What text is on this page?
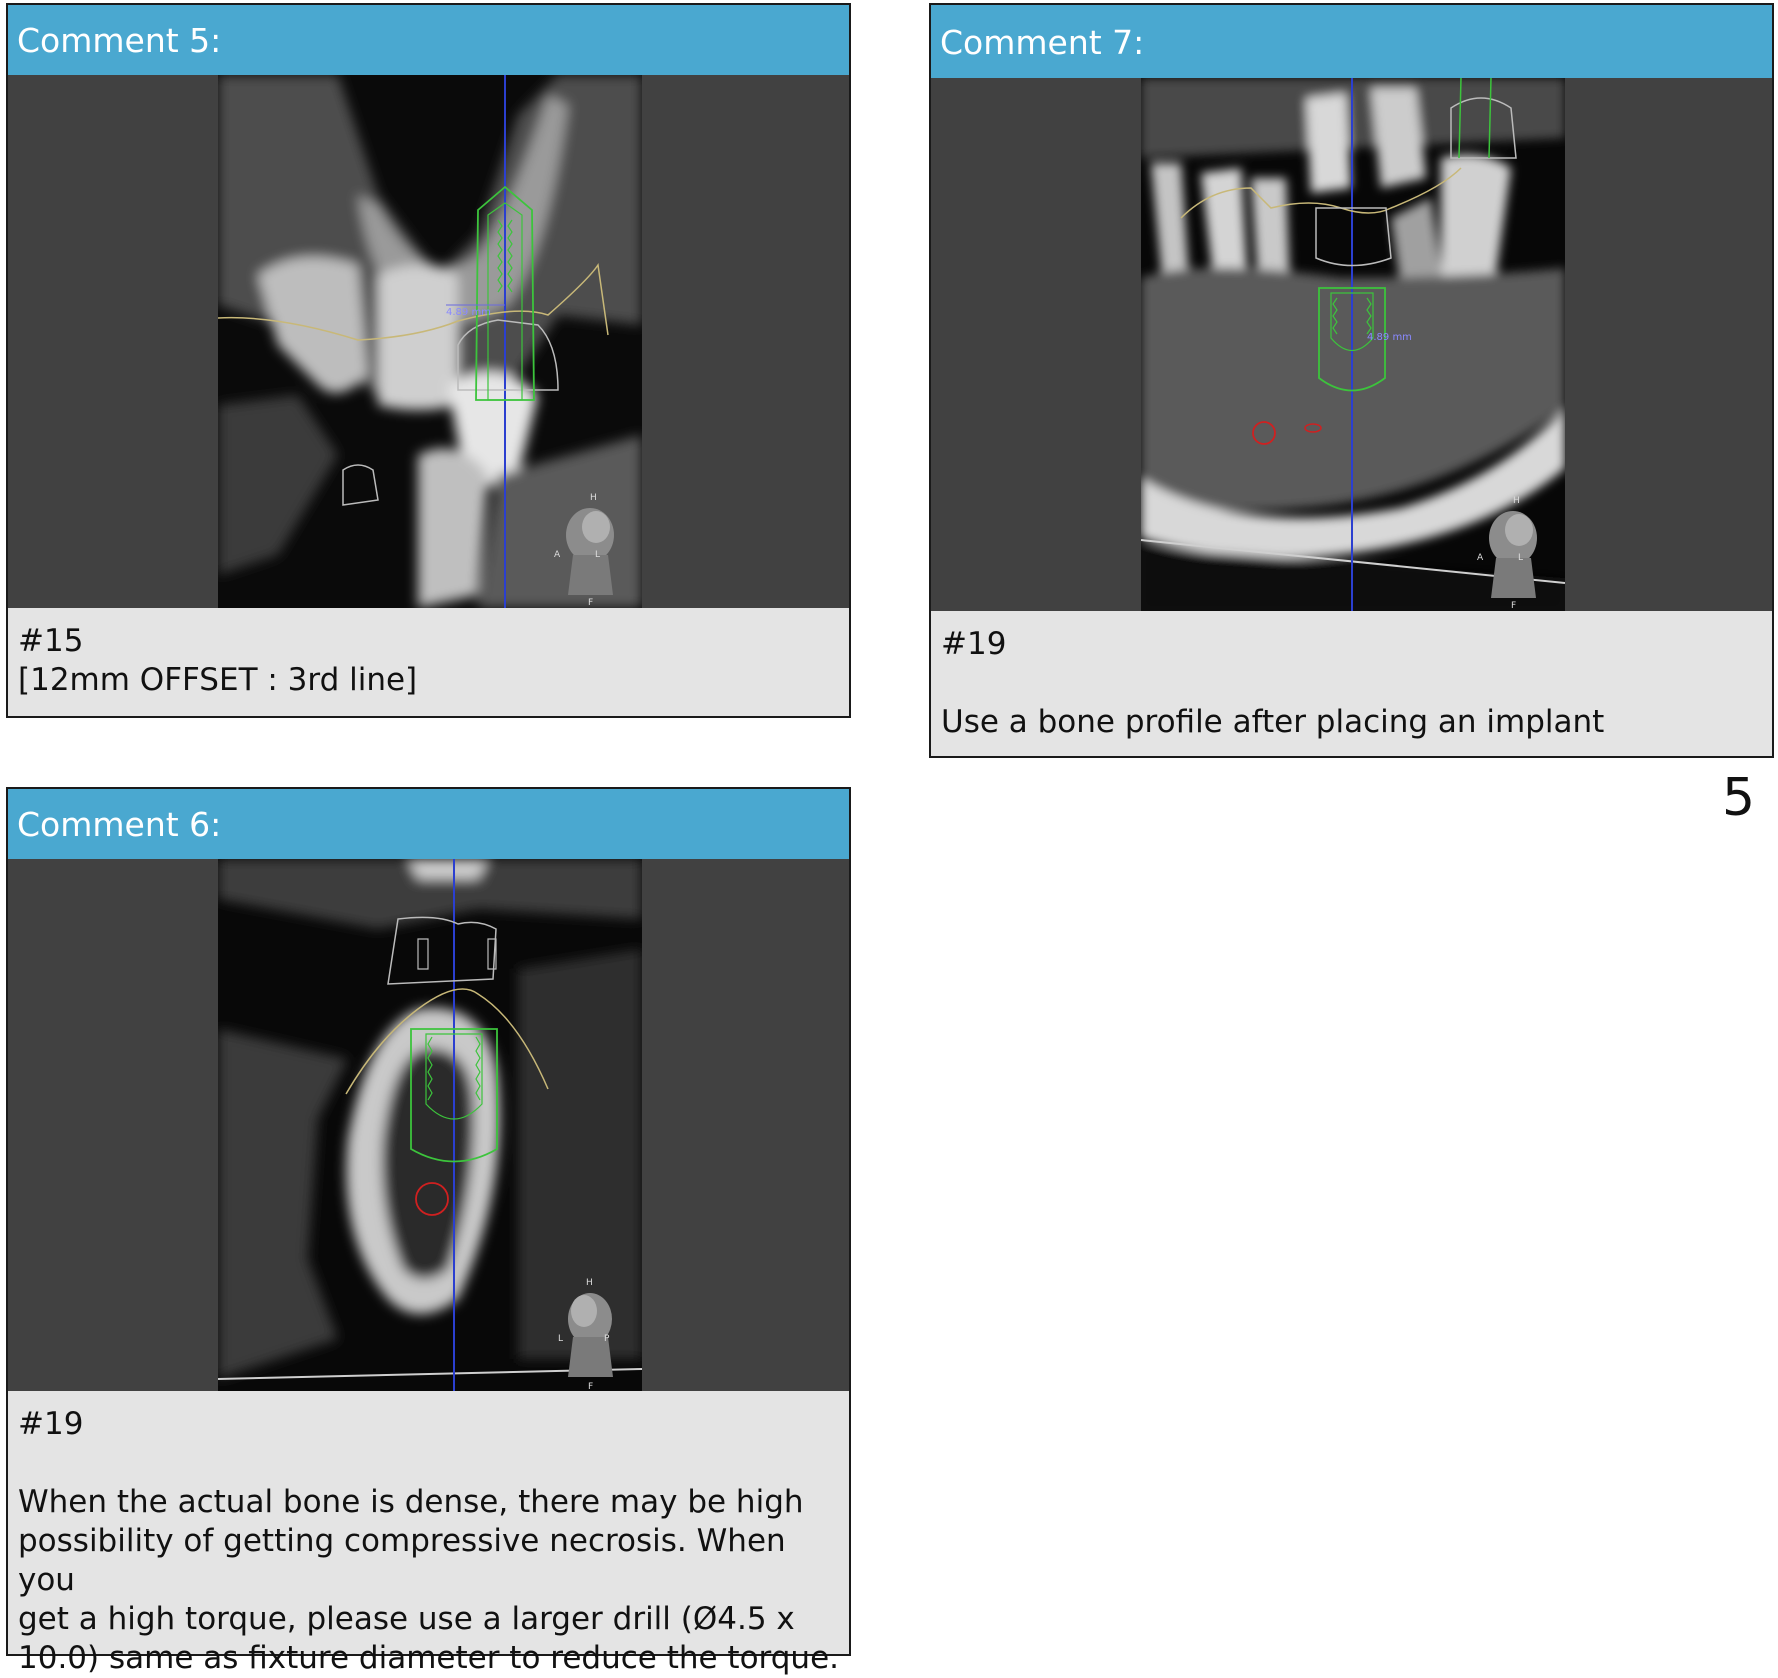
Comment 5:
4.89 mm
H
A	L
F

#15

[12mm OFFSET : 3rd line]

Comment 7:
4.89 mm
H
A	L
F

#19

Use a bone profile after placing an implant

5
Comment 6:
H
L	P
F

#19

When the actual bone is dense, there may be high

possibility of getting compressive necrosis. When you

get a high torque, please use a larger drill (Ø4.5 x

10.0) same as fixture diameter to reduce the torque.
